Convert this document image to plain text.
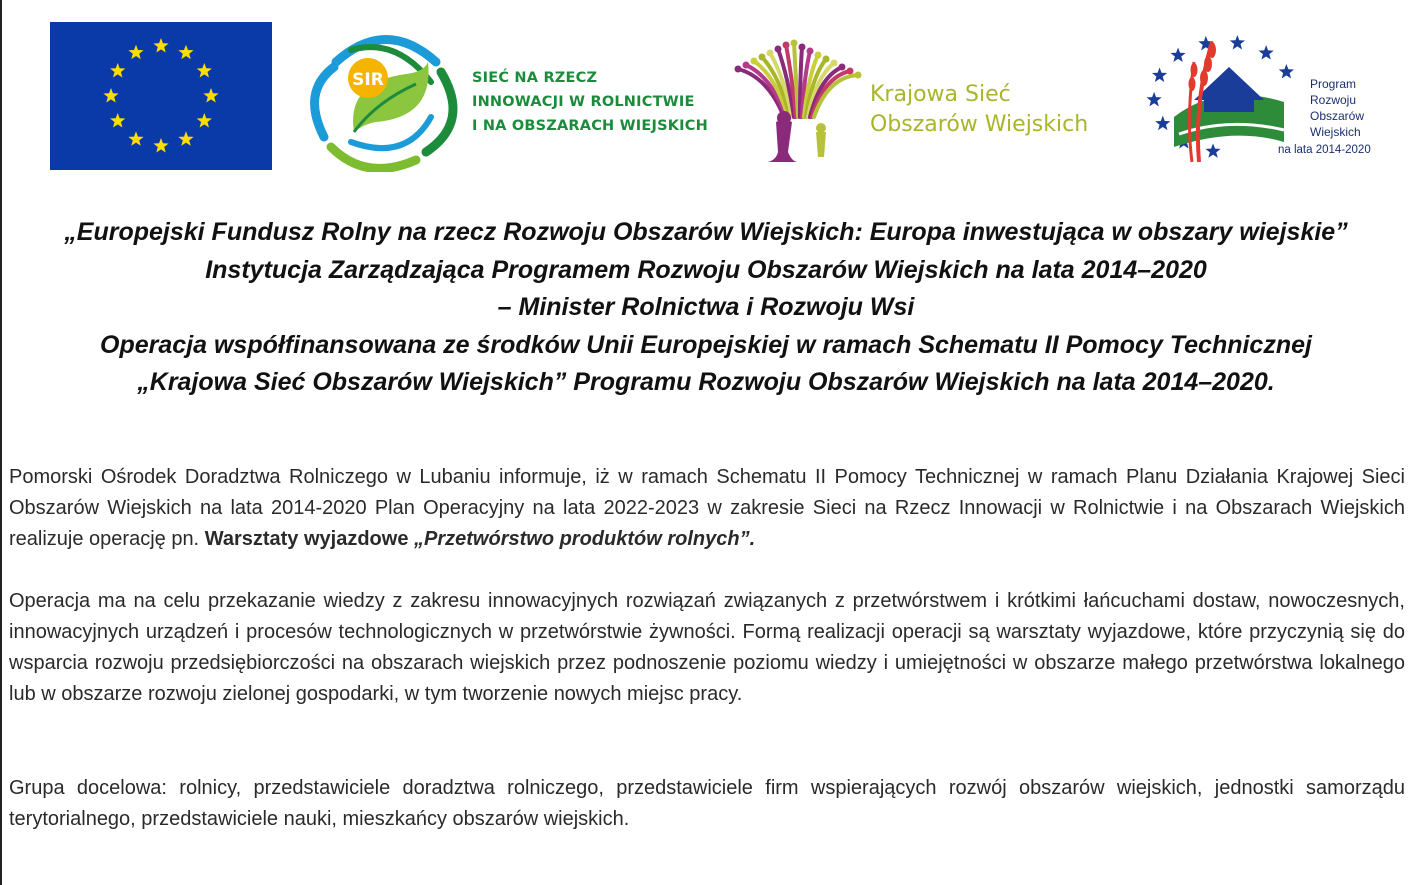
SIR	SIEĆ NA RZECZ
INNOWACJI W ROLNICTWIE
I NA OBSZARACH WIEJSKICH
Krajowa Sieć
Obszarów Wiejskich
Program
Rozwoju
Obszarów
Wiejskich
na lata 2014-2020
„Europejski Fundusz Rolny na rzecz Rozwoju Obszarów Wiejskich: Europa inwestująca w obszary wiejskie”
Instytucja Zarządzająca Programem Rozwoju Obszarów Wiejskich na lata 2014–2020
– Minister Rolnictwa i Rozwoju Wsi
Operacja współfinansowana ze środków Unii Europejskiej w ramach Schematu II Pomocy Technicznej
„Krajowa Sieć Obszarów Wiejskich” Programu Rozwoju Obszarów Wiejskich na lata 2014–2020.
Pomorski Ośrodek Doradztwa Rolniczego w Lubaniu informuje, iż w ramach Schematu II Pomocy Technicznej w ramach Planu Działania Krajowej Sieci Obszarów Wiejskich na lata 2014-2020 Plan Operacyjny na lata 2022-2023 w zakresie Sieci na Rzecz Innowacji w Rolnictwie i na Obszarach Wiejskich realizuje operację pn. Warsztaty wyjazdowe „Przetwórstwo produktów rolnych”.
Operacja ma na celu przekazanie wiedzy z zakresu innowacyjnych rozwiązań związanych z przetwórstwem i krótkimi łańcuchami dostaw, nowoczesnych, innowacyjnych urządzeń i procesów technologicznych w przetwórstwie żywności. Formą realizacji operacji są warsztaty wyjazdowe, które przyczynią się do wsparcia rozwoju przedsiębiorczości na obszarach wiejskich przez podnoszenie poziomu wiedzy i umiejętności w obszarze małego przetwórstwa lokalnego lub w obszarze rozwoju zielonej gospodarki, w tym tworzenie nowych miejsc pracy.
Grupa docelowa: rolnicy, przedstawiciele doradztwa rolniczego, przedstawiciele firm wspierających rozwój obszarów wiejskich, jednostki samorządu terytorialnego, przedstawiciele nauki, mieszkańcy obszarów wiejskich.
